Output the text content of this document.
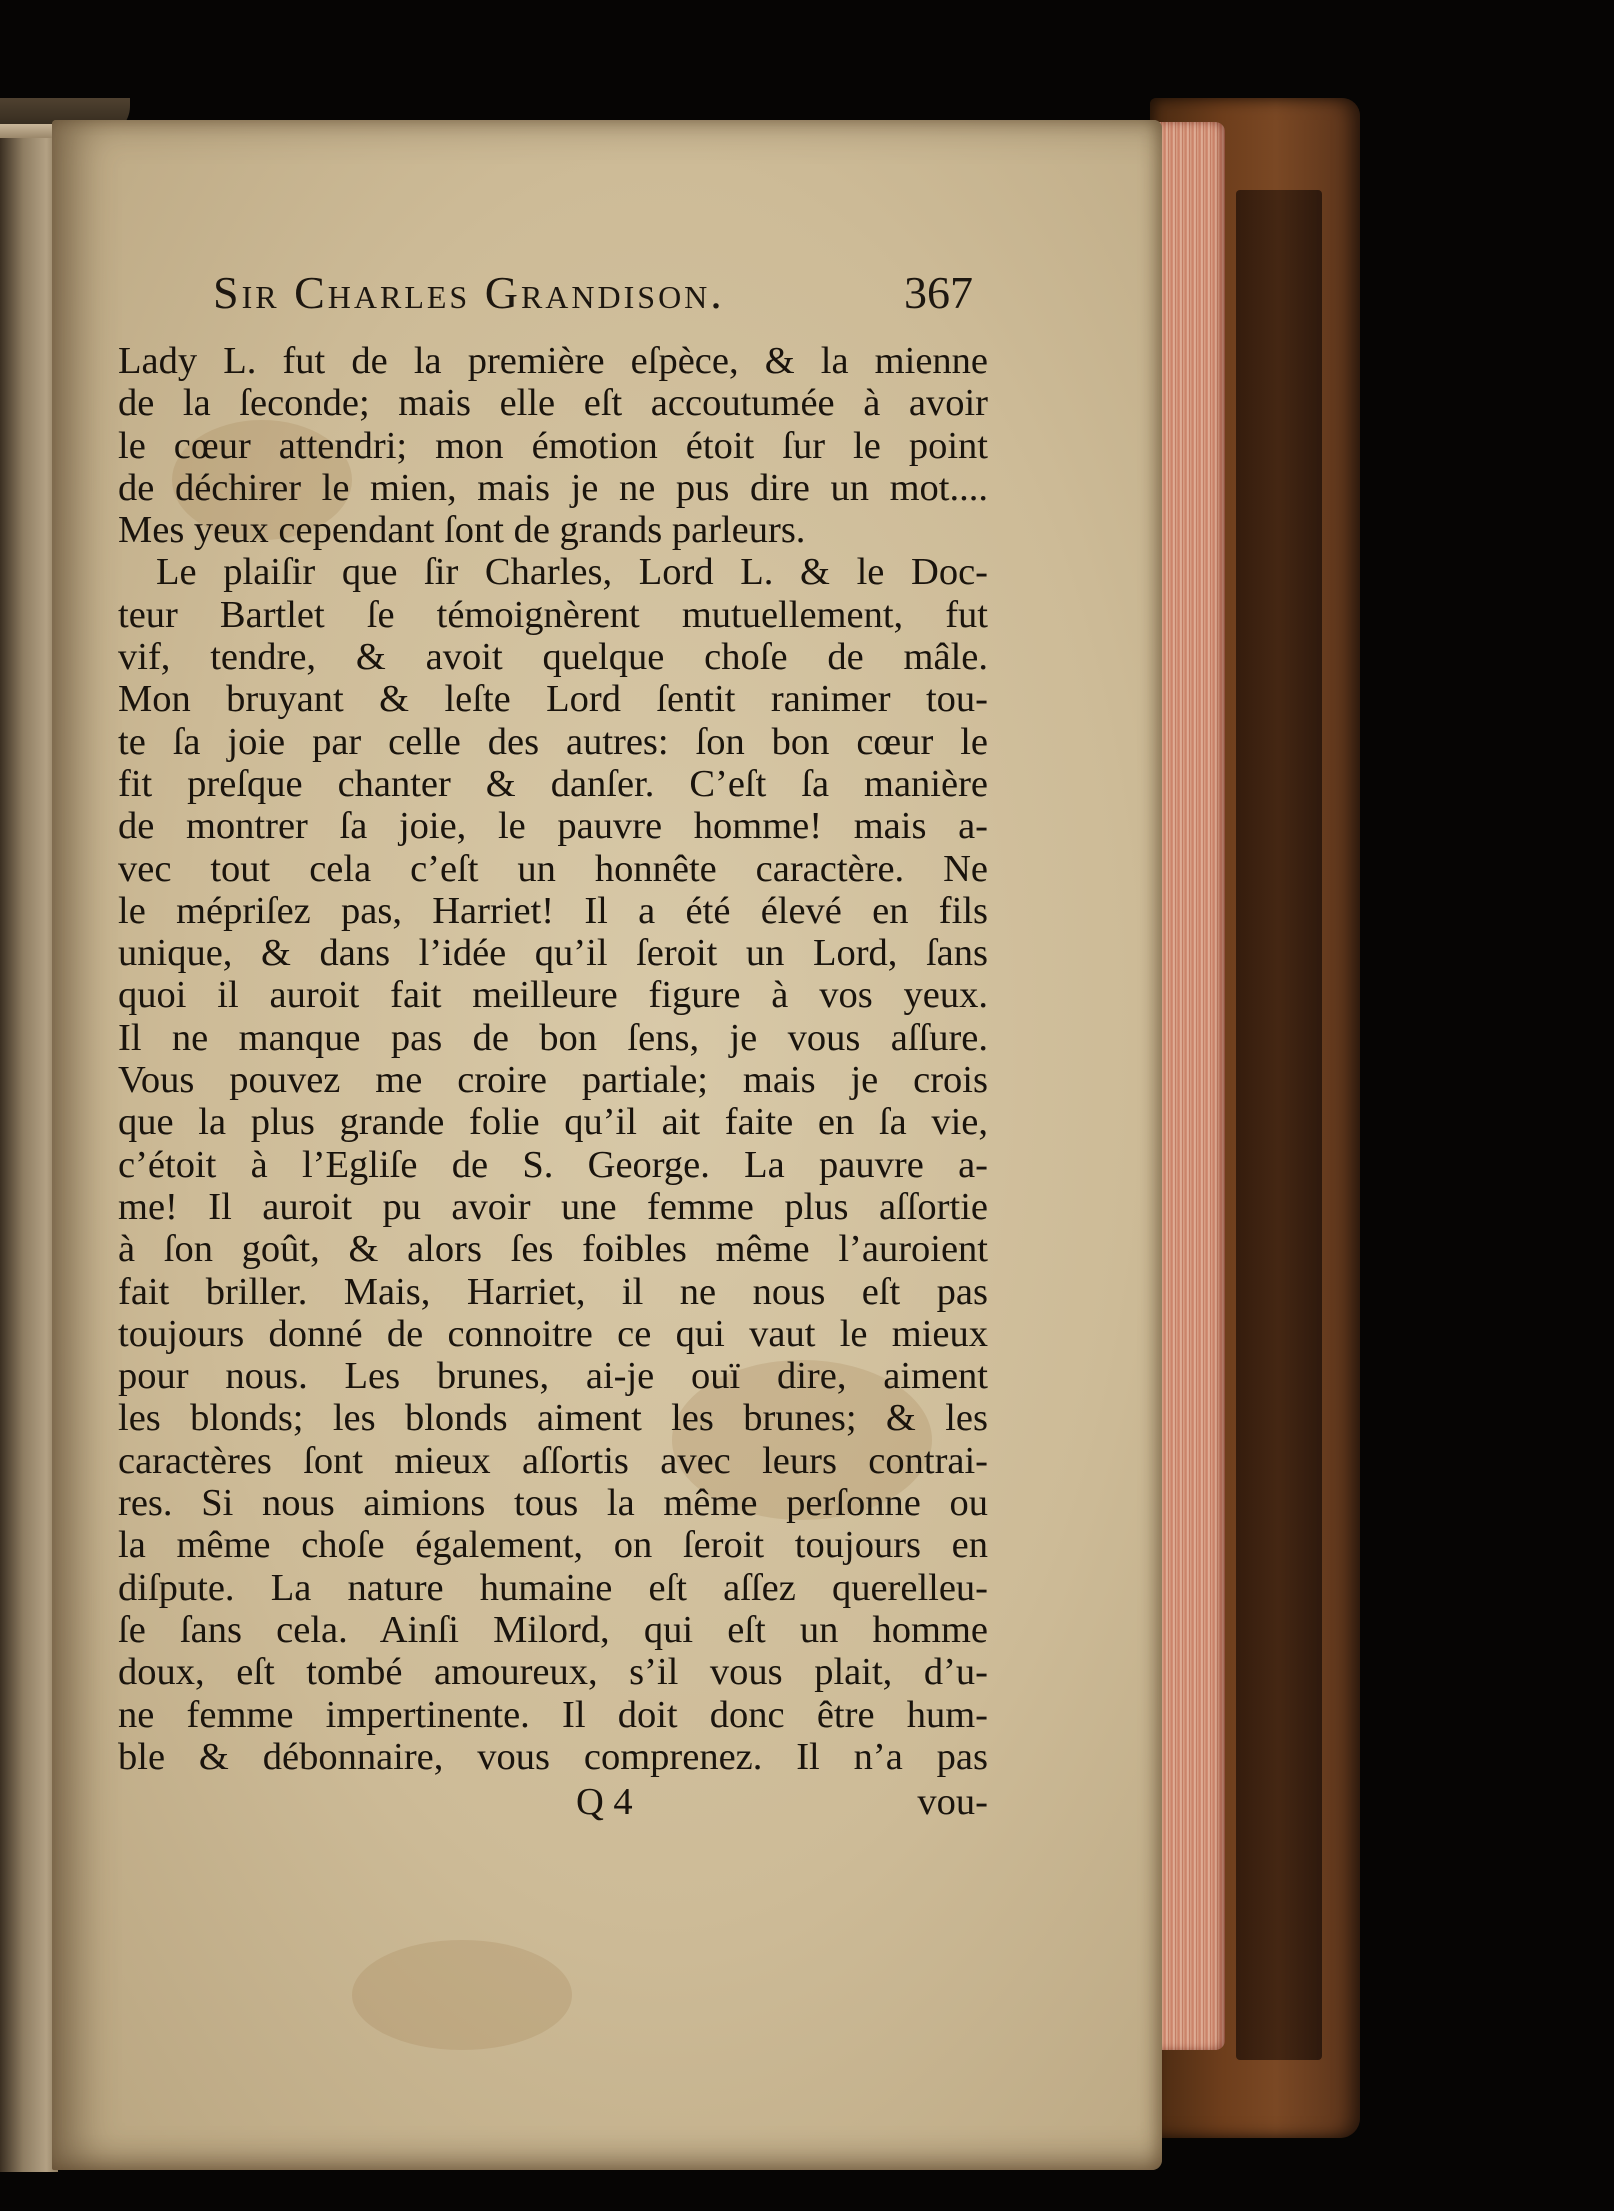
Sir Charles Grandison.	367
Lady L. fut de la première eſpèce, & la mienne
de la ſeconde; mais elle eſt accoutumée à avoir
le cœur attendri; mon émotion étoit ſur le point
de déchirer le mien, mais je ne pus dire un mot....
Mes yeux cependant ſont de grands parleurs.
Le plaiſir que ſir Charles, Lord L. & le Doc-
teur Bartlet ſe témoignèrent mutuellement, fut
vif, tendre, & avoit quelque choſe de mâle.
Mon bruyant & leſte Lord ſentit ranimer tou-
te ſa joie par celle des autres: ſon bon cœur le
fit preſque chanter & danſer. C’eſt ſa manière
de montrer ſa joie, le pauvre homme! mais a-
vec tout cela c’eſt un honnête caractère. Ne
le mépriſez pas, Harriet! Il a été élevé en fils
unique, & dans l’idée qu’il ſeroit un Lord, ſans
quoi il auroit fait meilleure figure à vos yeux.
Il ne manque pas de bon ſens, je vous aſſure.
Vous pouvez me croire partiale; mais je crois
que la plus grande folie qu’il ait faite en ſa vie,
c’étoit à l’Egliſe de S. George. La pauvre a-
me! Il auroit pu avoir une femme plus aſſortie
à ſon goût, & alors ſes foibles même l’auroient
fait briller. Mais, Harriet, il ne nous eſt pas
toujours donné de connoitre ce qui vaut le mieux
pour nous. Les brunes, ai-je ouï dire, aiment
les blonds; les blonds aiment les brunes; & les
caractères ſont mieux aſſortis avec leurs contrai-
res. Si nous aimions tous la même perſonne ou
la même choſe également, on ſeroit toujours en
diſpute. La nature humaine eſt aſſez querelleu-
ſe ſans cela. Ainſi Milord, qui eſt un homme
doux, eſt tombé amoureux, s’il vous plait, d’u-
ne femme impertinente. Il doit donc être hum-
ble & débonnaire, vous comprenez. Il n’a pas
Q 4	vou-
